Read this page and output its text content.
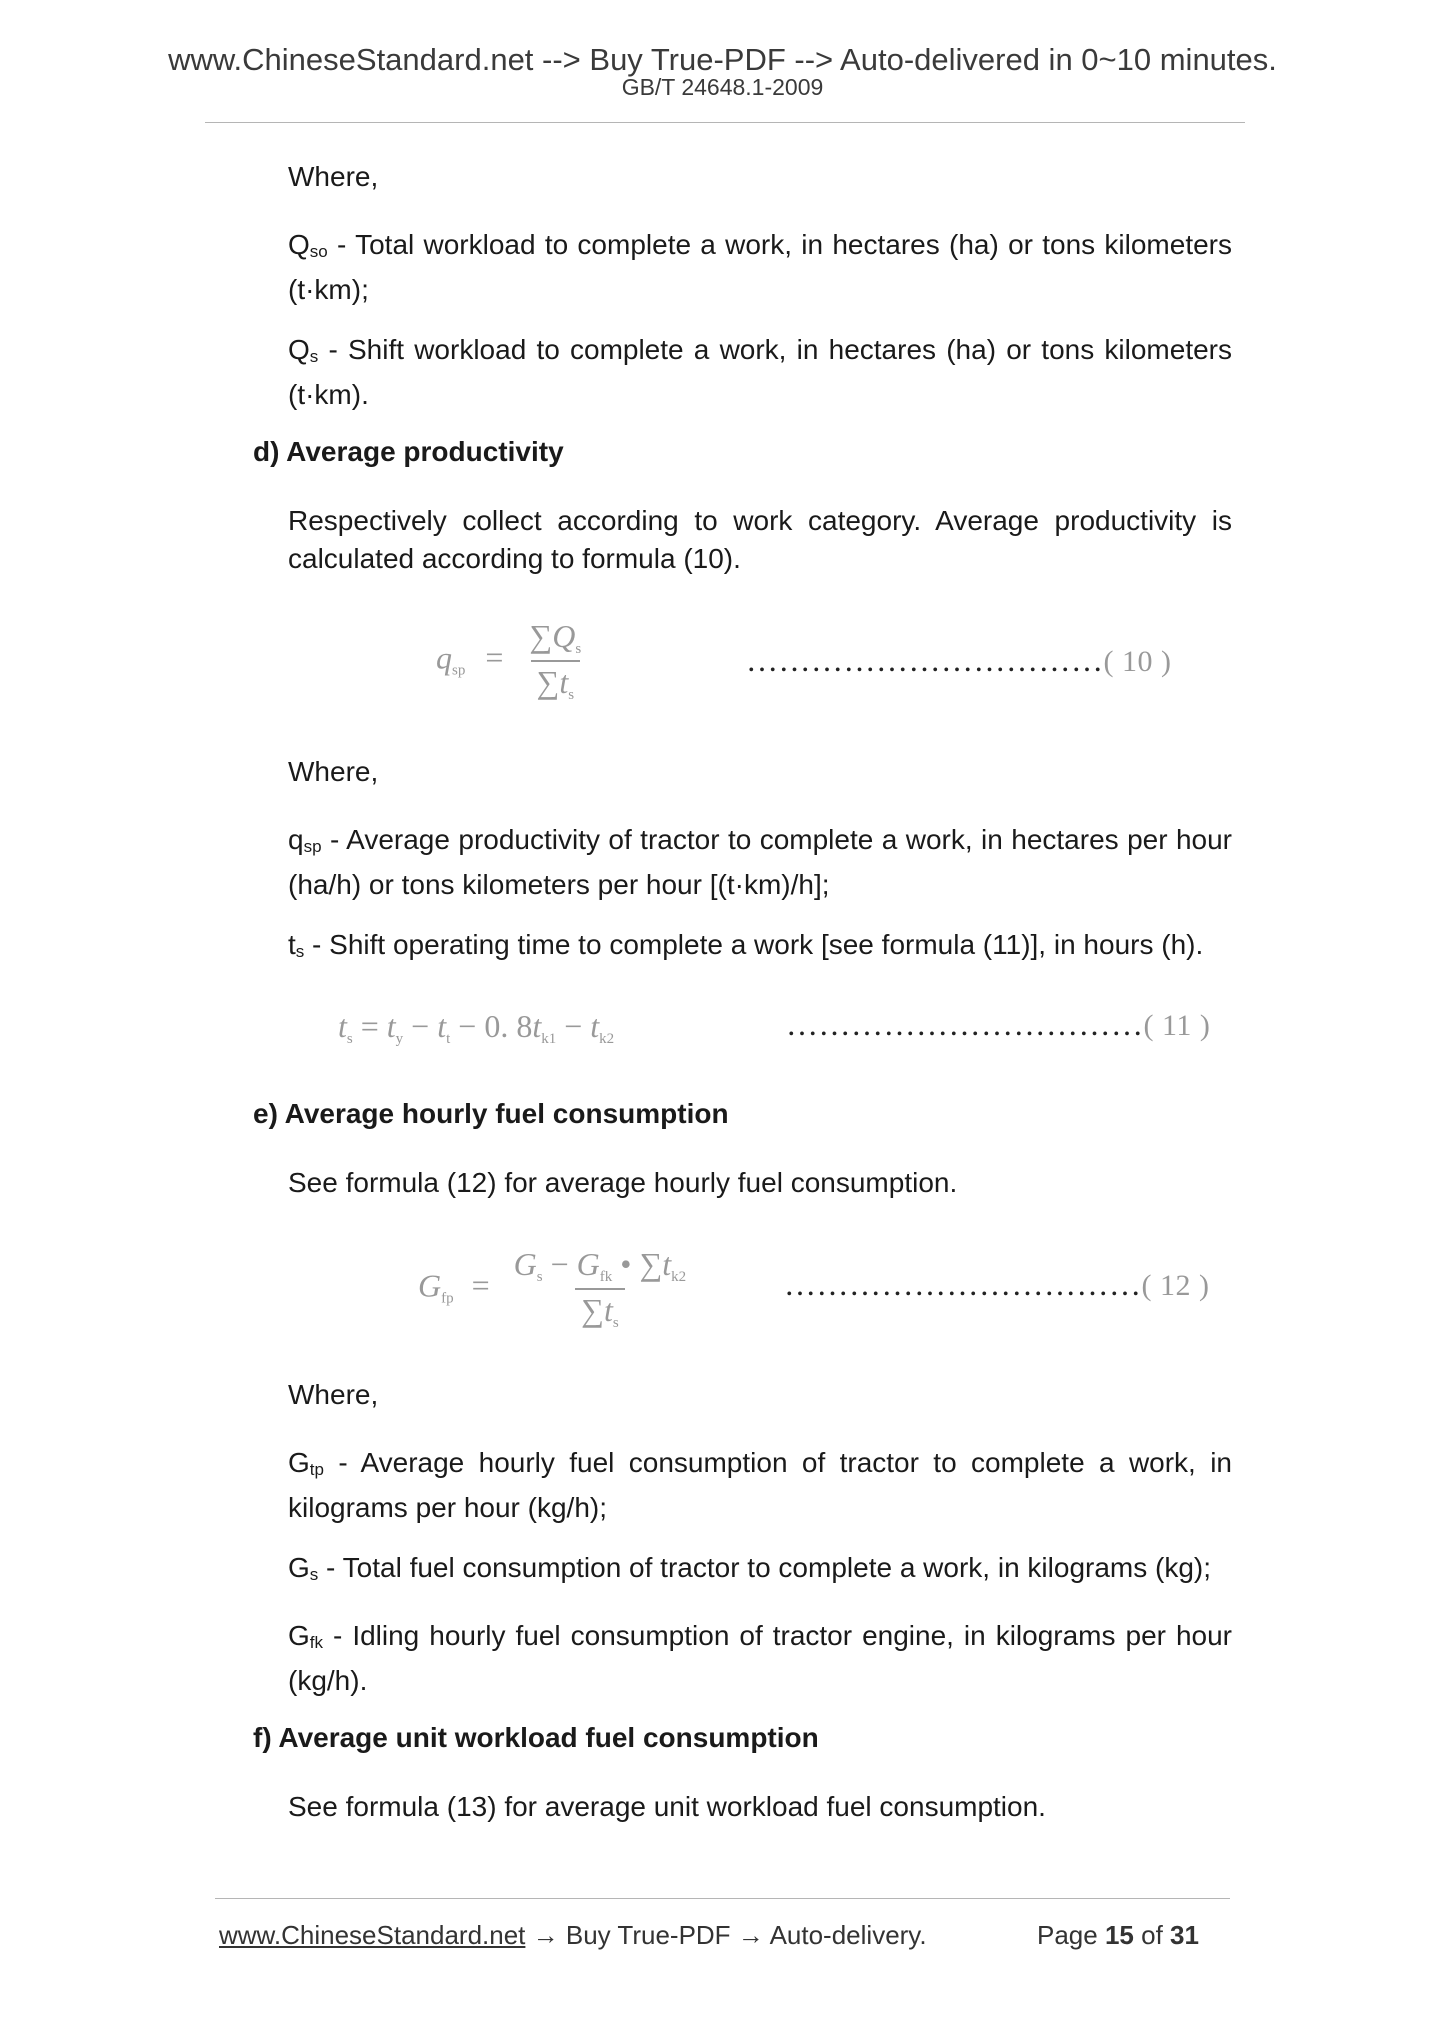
www.ChineseStandard.net --> Buy True-PDF --> Auto-delivered in 0~10 minutes.
GB/T 24648.1-2009
Where,
$Q_{so}$ - Total workload to complete a work, in hectares (ha) or tons kilometers (t·km);
$Q_s$ - Shift workload to complete a work, in hectares (ha) or tons kilometers (t·km).
d) Average productivity
Respectively collect according to work category. Average productivity is calculated according to formula (10).
qsp = $\frac{\sum Qs}{\sum ts}$	……………………………( 10 )
Where,
$q_{sp}$ - Average productivity of tractor to complete a work, in hectares per hour (ha/h) or tons kilometers per hour [(t·km)/h];
$t_s$ - Shift operating time to complete a work [see formula (11)], in hours (h).
ts = ty − tt − 0. 8tk1 − tk2	……………………………( 11 )
e) Average hourly fuel consumption
See formula (12) for average hourly fuel consumption.
Gfp = $\frac{\text{Gs − Gfk • ∑tk2}}{\sum ts}$	……………………………( 12 )
Where,
$G_{tp}$ - Average hourly fuel consumption of tractor to complete a work, in kilograms per hour (kg/h);
$G_s$ - Total fuel consumption of tractor to complete a work, in kilograms (kg);
$G_{fk}$ - Idling hourly fuel consumption of tractor engine, in kilograms per hour (kg/h).
f) Average unit workload fuel consumption
See formula (13) for average unit workload fuel consumption.
www.ChineseStandard.net → Buy True-PDF → Auto-delivery.	Page 15 of 31
